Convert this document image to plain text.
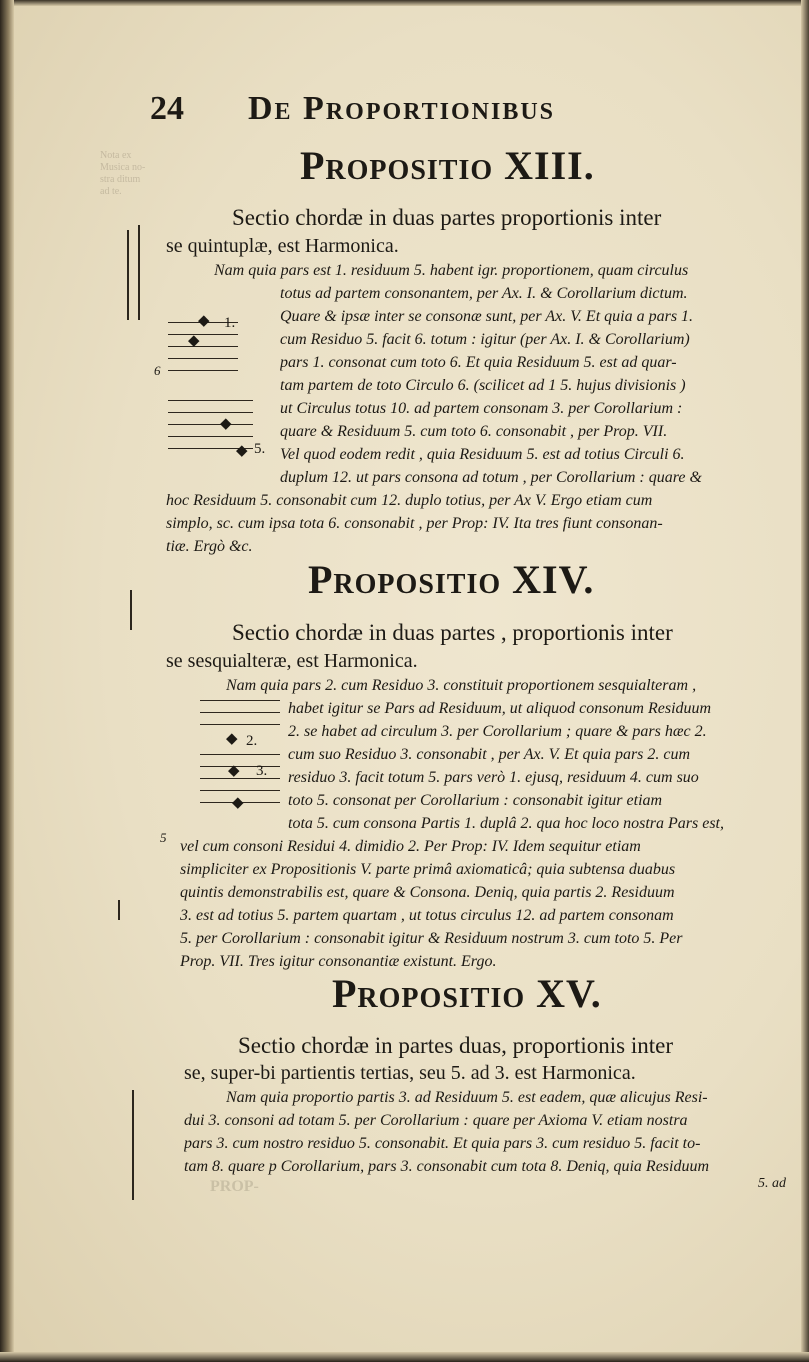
Nota ex
Musica no-
stra ditum
ad te.
PROP-
24 De Proportionibus
Propositio XIII.
Sectio chordæ in duas partes proportionis inter
se quintuplæ, est Harmonica.
Nam quia pars est 1. residuum 5. habent igr. proportionem, quam circulus
totus ad partem consonantem, per Ax. I. & Corollarium dictum.
Quare & ipsæ inter se consonæ sunt, per Ax. V. Et quia a pars 1.
cum Residuo 5. facit 6. totum : igitur (per Ax. I. & Corollarium)
pars 1. consonat cum toto 6. Et quia Residuum 5. est ad quar-
tam partem de toto Circulo 6. (scilicet ad 1 5. hujus divisionis )
ut Circulus totus 10. ad partem consonam 3. per Corollarium :
quare & Residuum 5. cum toto 6. consonabit , per Prop. VII.
Vel quod eodem redit , quia Residuum 5. est ad totius Circuli 6.
duplum 12. ut pars consona ad totum , per Corollarium : quare &
hoc Residuum 5. consonabit cum 12. duplo totius, per Ax V. Ergo etiam cum
simplo, sc. cum ipsa tota 6. consonabit , per Prop: IV. Ita tres fiunt consonan-
tiæ. Ergò &c.
◆
◆
◆
◆
1.
5.
6
Propositio XIV.
Sectio chordæ in duas partes , proportionis inter
se sesquialteræ, est Harmonica.
Nam quia pars 2. cum Residuo 3. constituit proportionem sesquialteram ,
habet igitur se Pars ad Residuum, ut aliquod consonum Residuum
2. se habet ad circulum 3. per Corollarium ; quare & pars hæc 2.
cum suo Residuo 3. consonabit , per Ax. V. Et quia pars 2. cum
residuo 3. facit totum 5. pars verò 1. ejusq, residuum 4. cum suo
toto 5. consonat per Corollarium : consonabit igitur etiam
tota 5. cum consona Partis 1. duplâ 2. qua hoc loco nostra Pars est,
vel cum consoni Residui 4. dimidio 2. Per Prop: IV. Idem sequitur etiam
simpliciter ex Propositionis V. parte primâ axiomaticâ; quia subtensa duabus
quintis demonstrabilis est, quare & Consona. Deniq, quia partis 2. Residuum
3. est ad totius 5. partem quartam , ut totus circulus 12. ad partem consonam
5. per Corollarium : consonabit igitur & Residuum nostrum 3. cum toto 5. Per
Prop. VII. Tres igitur consonantiæ existunt. Ergo.
◆
◆
◆
2.
3.
5
Propositio XV.
Sectio chordæ in partes duas, proportionis inter
se, super-bi partientis tertias, seu 5. ad 3. est Harmonica.
Nam quia proportio partis 3. ad Residuum 5. est eadem, quæ alicujus Resi-
dui 3. consoni ad totam 5. per Corollarium : quare per Axioma V. etiam nostra
pars 3. cum nostro residuo 5. consonabit. Et quia pars 3. cum residuo 5. facit to-
tam 8. quare p Corollarium, pars 3. consonabit cum tota 8. Deniq, quia Residuum
5. ad
